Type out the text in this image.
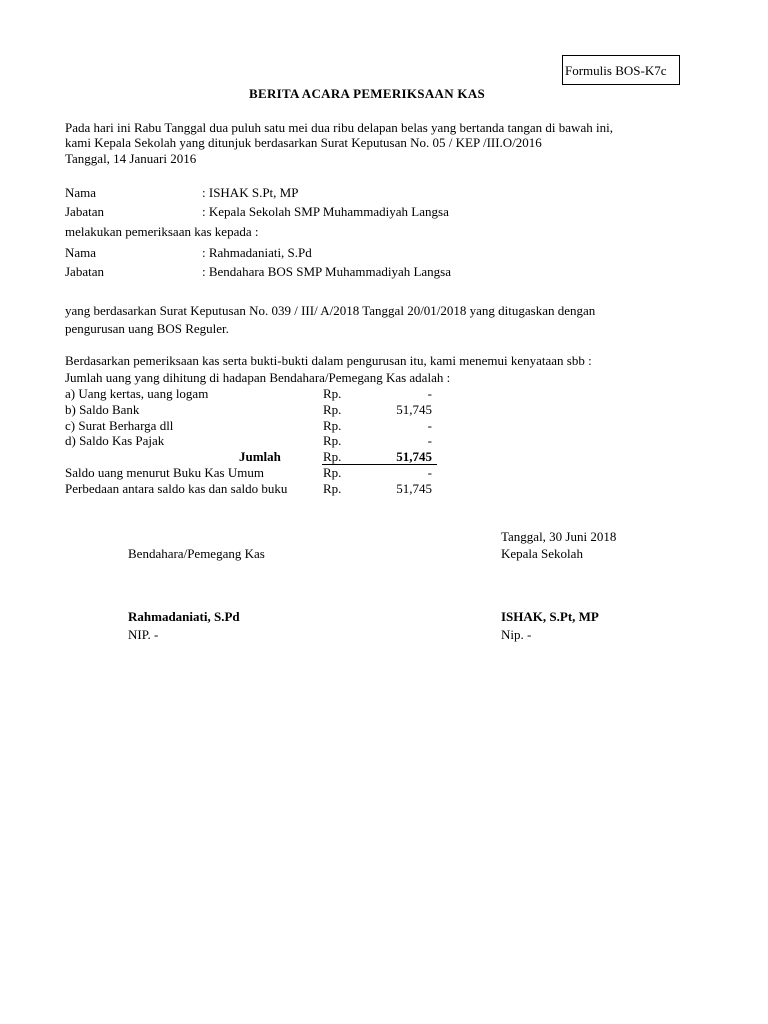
Formulis BOS-K7c
BERITA ACARA PEMERIKSAAN KAS
Pada hari ini Rabu Tanggal dua puluh satu mei dua ribu delapan belas yang bertanda tangan di bawah ini,
kami Kepala Sekolah yang ditunjuk berdasarkan Surat Keputusan No. 05 / KEP /III.O/2016
Tanggal, 14 Januari 2016
Nama	: ISHAK S.Pt, MP
Jabatan	: Kepala Sekolah SMP Muhammadiyah Langsa
melakukan pemeriksaan kas kepada :
Nama	: Rahmadaniati, S.Pd
Jabatan	: Bendahara BOS SMP Muhammadiyah Langsa
yang berdasarkan Surat Keputusan No. 039 / III/ A/2018 Tanggal 20/01/2018 yang ditugaskan dengan
pengurusan uang BOS Reguler.
Berdasarkan pemeriksaan kas serta bukti-bukti dalam pengurusan itu, kami menemui kenyataan sbb :
Jumlah uang yang dihitung di hadapan Bendahara/Pemegang Kas adalah :
a) Uang kertas, uang logam	Rp.	-
b) Saldo Bank	Rp.	51,745
c) Surat Berharga dll	Rp.	-
d) Saldo Kas Pajak	Rp.	-
Jumlah	Rp.	51,745
Saldo uang menurut Buku Kas Umum	Rp.	-
Perbedaan antara saldo kas dan saldo buku	Rp.	51,745
Tanggal, 30 Juni 2018
Bendahara/Pemegang Kas	Kepala Sekolah
Rahmadaniati, S.Pd	ISHAK, S.Pt, MP
NIP. -	Nip. -
